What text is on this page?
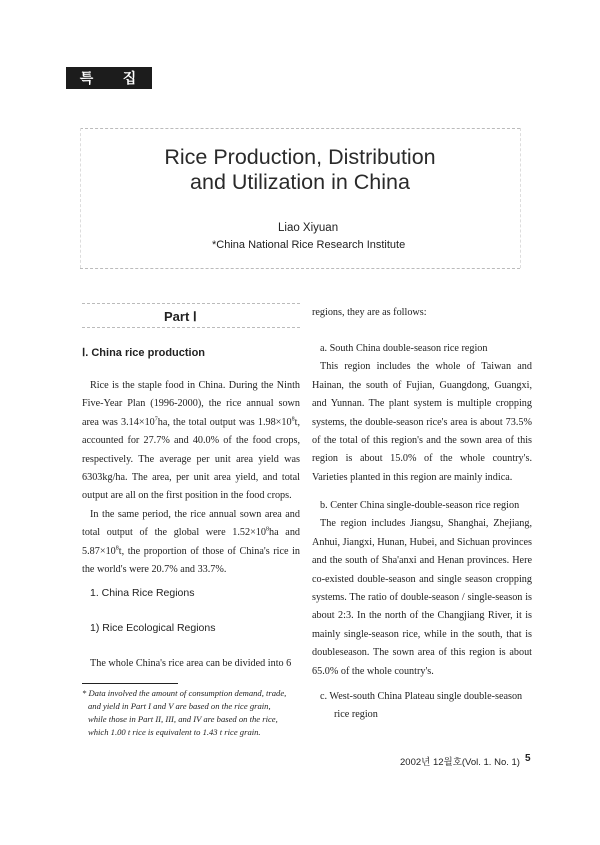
특 집
Rice Production, Distribution
and Utilization in China
Liao Xiyuan
*China National Rice Research Institute
Part Ⅰ
Ⅰ. China rice production

Rice is the staple food in China. During the Ninth Five-Year Plan (1996-2000), the rice annual sown area was $3.14\times 10^7ha$, the total output was $1.98\times 10^8t$, accounted for 27.7% and 40.0% of the food crops, respectively. The average per unit area yield was 6303kg/ha. The area, per unit area yield, and total output are all on the first position in the food crops.

In the same period, the rice annual sown area and total output of the global were $1.52\times 10^8ha$ and $5.87\times 10^8t$, the proportion of those of China's rice in the world's were 20.7% and 33.7%.

1. China Rice Regions
1) Rice Ecological Regions
The whole China's rice area can be divided into 6

* Data involved the amount of consumption demand, trade,

and yield in Part I and V are based on the rice grain,

while those in Part II, III, and IV are based on the rice,

which 1.00 t rice is equivalent to 1.43 t rice grain.

regions, they are as follows:

a. South China double-season rice region

This region includes the whole of Taiwan and Hainan, the south of Fujian, Guangdong, Guangxi, and Yunnan. The plant system is multiple cropping systems, the double-season rice's area is about 73.5% of the total of this region's and the sown area of this region is about 15.0% of the whole country's. Varieties planted in this region are mainly indica.

b. Center China single-double-season rice region

The region includes Jiangsu, Shanghai, Zhejiang, Anhui, Jiangxi, Hunan, Hubei, and Sichuan provinces and the south of Sha'anxi and Henan provinces. Here co-existed double-season and single season cropping systems. The ratio of double-season / single-season is about 2:3. In the north of the Changjiang River, it is mainly single-season rice, while in the south, that is doubleseason. The sown area of this region is about 65.0% of the whole country's.

c. West-south China Plateau single double-season

rice region

2002년 12월호(Vol. 1. No. 1) 5
